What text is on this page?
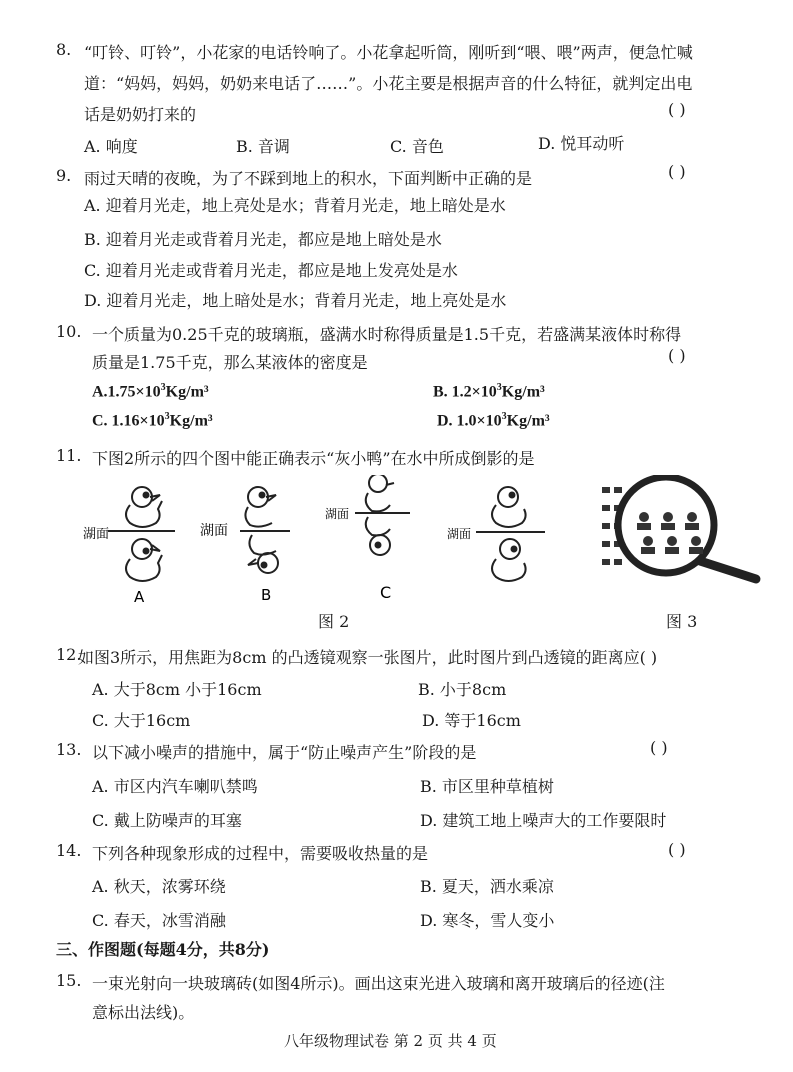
8. “叮铃、叮铃”，小花家的电话铃响了。小花拿起听筒，刚听到“喂、喂”两声，便急忙喊
道：“妈妈，妈妈，奶奶来电话了……”。小花主要是根据声音的什么特征，就判定出电
话是奶奶打来的	( )
A. 响度	B. 音调	C. 音色	D. 悦耳动听
9. 雨过天晴的夜晚，为了不踩到地上的积水，下面判断中正确的是	( )
A. 迎着月光走，地上亮处是水；背着月光走，地上暗处是水
B. 迎着月光走或背着月光走，都应是地上暗处是水
C. 迎着月光走或背着月光走，都应是地上发亮处是水
D. 迎着月光走，地上暗处是水；背着月光走，地上亮处是水
10. 一个质量为0.25千克的玻璃瓶，盛满水时称得质量是1.5千克，若盛满某液体时称得
质量是1.75千克，那么某液体的密度是	( )
$A.1.75\times 10^3Kg/m^3$	B. $1.2\times 10^3Kg/m^3$
C. $1.16\times 10^3Kg/m^3$	D. $1.0\times 10^3Kg/m^3$
11. 下图2所示的四个图中能正确表示“灰小鸭”在水中所成倒影的是
湖面
A
湖面
B
湖面
C
湖面
图 2	图 3
12.
如图3所示，用焦距为8cm 的凸透镜观察一张图片，此时图片到凸透镜的距离应( )
A. 大于8cm 小于16cm	B. 小于8cm
C. 大于16cm	D. 等于16cm
13. 以下减小噪声的措施中，属于“防止噪声产生”阶段的是	( )
A. 市区内汽车喇叭禁鸣	B. 市区里种草植树
C. 戴上防噪声的耳塞	D. 建筑工地上噪声大的工作要限时
14. 下列各种现象形成的过程中，需要吸收热量的是	( )
A. 秋天，浓雾环绕	B. 夏天，洒水乘凉
C. 春天，冰雪消融	D. 寒冬，雪人变小
三、作图题(每题4分，共8分)
15. 一束光射向一块玻璃砖(如图4所示)。画出这束光进入玻璃和离开玻璃后的径迹(注
意标出法线)。
八年级物理试卷 第 2 页 共 4 页
